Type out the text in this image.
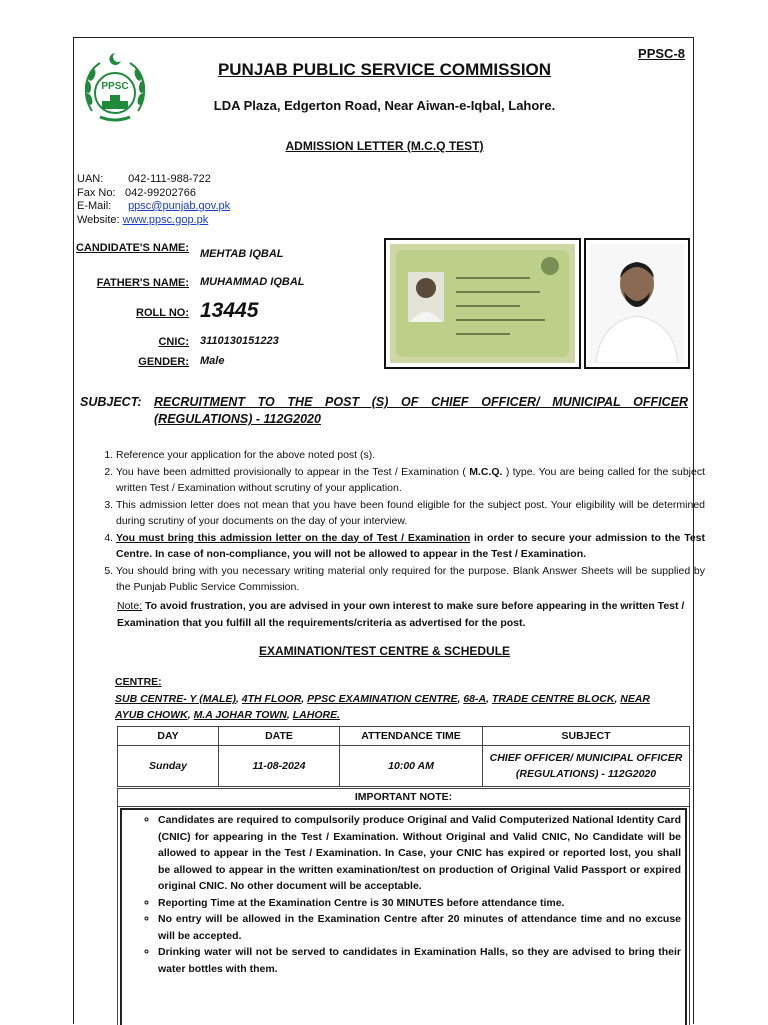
PPSC-8
PPSC
PUNJAB PUBLIC SERVICE COMMISSION
LDA Plaza, Edgerton Road, Near Aiwan-e-Iqbal, Lahore.
ADMISSION LETTER (M.C.Q TEST)
UAN: 042-111-988-722
Fax No: 042-99202766
E-Mail: ppsc@punjab.gov.pk
Website: www.ppsc.gop.pk
CANDIDATE'S NAME: MEHTAB IQBAL
FATHER'S NAME: MUHAMMAD IQBAL
ROLL NO: 13445
CNIC: 3110130151223
GENDER: Male
SUBJECT: RECRUITMENT TO THE POST (S) OF CHIEF OFFICER/ MUNICIPAL OFFICER
(REGULATIONS) - 112G2020
1. Reference your application for the above noted post (s).
2. You have been admitted provisionally to appear in the Test / Examination ( M.C.Q. ) type. You are being called for the subject written Test / Examination without scrutiny of your application.
3. This admission letter does not mean that you have been found eligible for the subject post. Your eligibility will be determined during scrutiny of your documents on the day of your interview.
4. You must bring this admission letter on the day of Test / Examination in order to secure your admission to the Test Centre. In case of non-compliance, you will not be allowed to appear in the Test / Examination.
5. You should bring with you necessary writing material only required for the purpose. Blank Answer Sheets will be supplied by the Punjab Public Service Commission.
Note: To avoid frustration, you are advised in your own interest to make sure before appearing in the written Test / Examination that you fulfill all the requirements/criteria as advertised for the post.
EXAMINATION/TEST CENTRE & SCHEDULE
CENTRE:
SUB CENTRE- Y (MALE), 4TH FLOOR, PPSC EXAMINATION CENTRE, 68-A, TRADE CENTRE BLOCK, NEAR AYUB CHOWK, M.A JOHAR TOWN, LAHORE.
DAY	DATE	ATTENDANCE TIME	SUBJECT
Sunday	11-08-2024	10:00 AM	CHIEF OFFICER/ MUNICIPAL OFFICER (REGULATIONS) - 112G2020
IMPORTANT NOTE:
◦ Candidates are required to compulsorily produce Original and Valid Computerized National Identity Card (CNIC) for appearing in the Test / Examination. Without Original and Valid CNIC, No Candidate will be allowed to appear in the Test / Examination. In Case, your CNIC has expired or reported lost, you shall be allowed to appear in the written examination/test on production of Original Valid Passport or expired original CNIC. No other document will be acceptable.
◦ Reporting Time at the Examination Centre is 30 MINUTES before attendance time.
◦ No entry will be allowed in the Examination Centre after 20 minutes of attendance time and no excuse will be accepted.
◦ Drinking water will not be served to candidates in Examination Halls, so they are advised to bring their water bottles with them.
